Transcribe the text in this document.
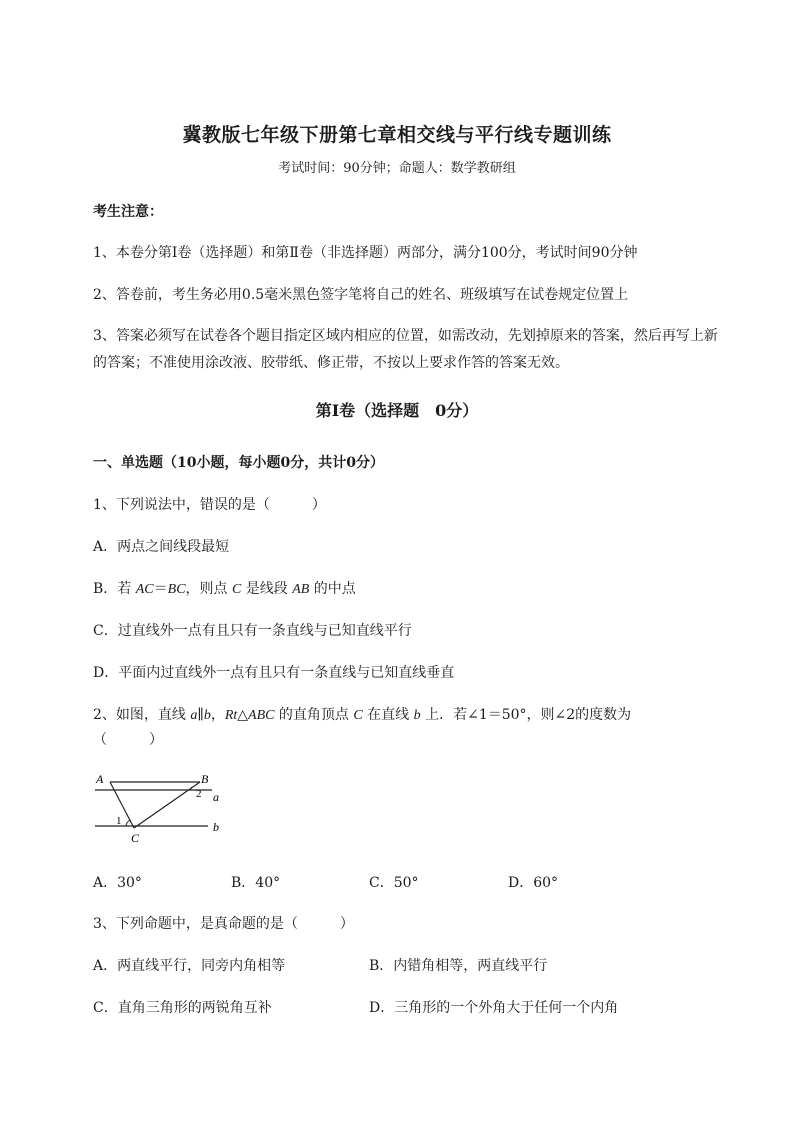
冀教版七年级下册第七章相交线与平行线专题训练
考试时间：90分钟；命题人：数学教研组
考生注意：
1、本卷分第I卷（选择题）和第Ⅱ卷（非选择题）两部分，满分100分，考试时间90分钟
2、答卷前，考生务必用0.5毫米黑色签字笔将自己的姓名、班级填写在试卷规定位置上
3、答案必须写在试卷各个题目指定区域内相应的位置，如需改动，先划掉原来的答案，然后再写上新
的答案；不准使用涂改液、胶带纸、修正带，不按以上要求作答的答案无效。
第I卷（选择题　0分）
一、单选题（10小题，每小题0分，共计0分）
1、下列说法中，错误的是（　　　）
A．两点之间线段最短
B．若 AC＝BC，则点 C 是线段 AB 的中点
C．过直线外一点有且只有一条直线与已知直线平行
D．平面内过直线外一点有且只有一条直线与已知直线垂直
2、如图，直线 a∥b，Rt△ABC 的直角顶点 C 在直线 b 上．若∠1＝50°，则∠2的度数为
（　　　）
A	B
C
a
b
1
2
A．30°	B．40°	C．50°	D．60°
3、下列命题中，是真命题的是（　　　）
A．两直线平行，同旁内角相等	B．内错角相等，两直线平行
C．直角三角形的两锐角互补	D．三角形的一个外角大于任何一个内角
